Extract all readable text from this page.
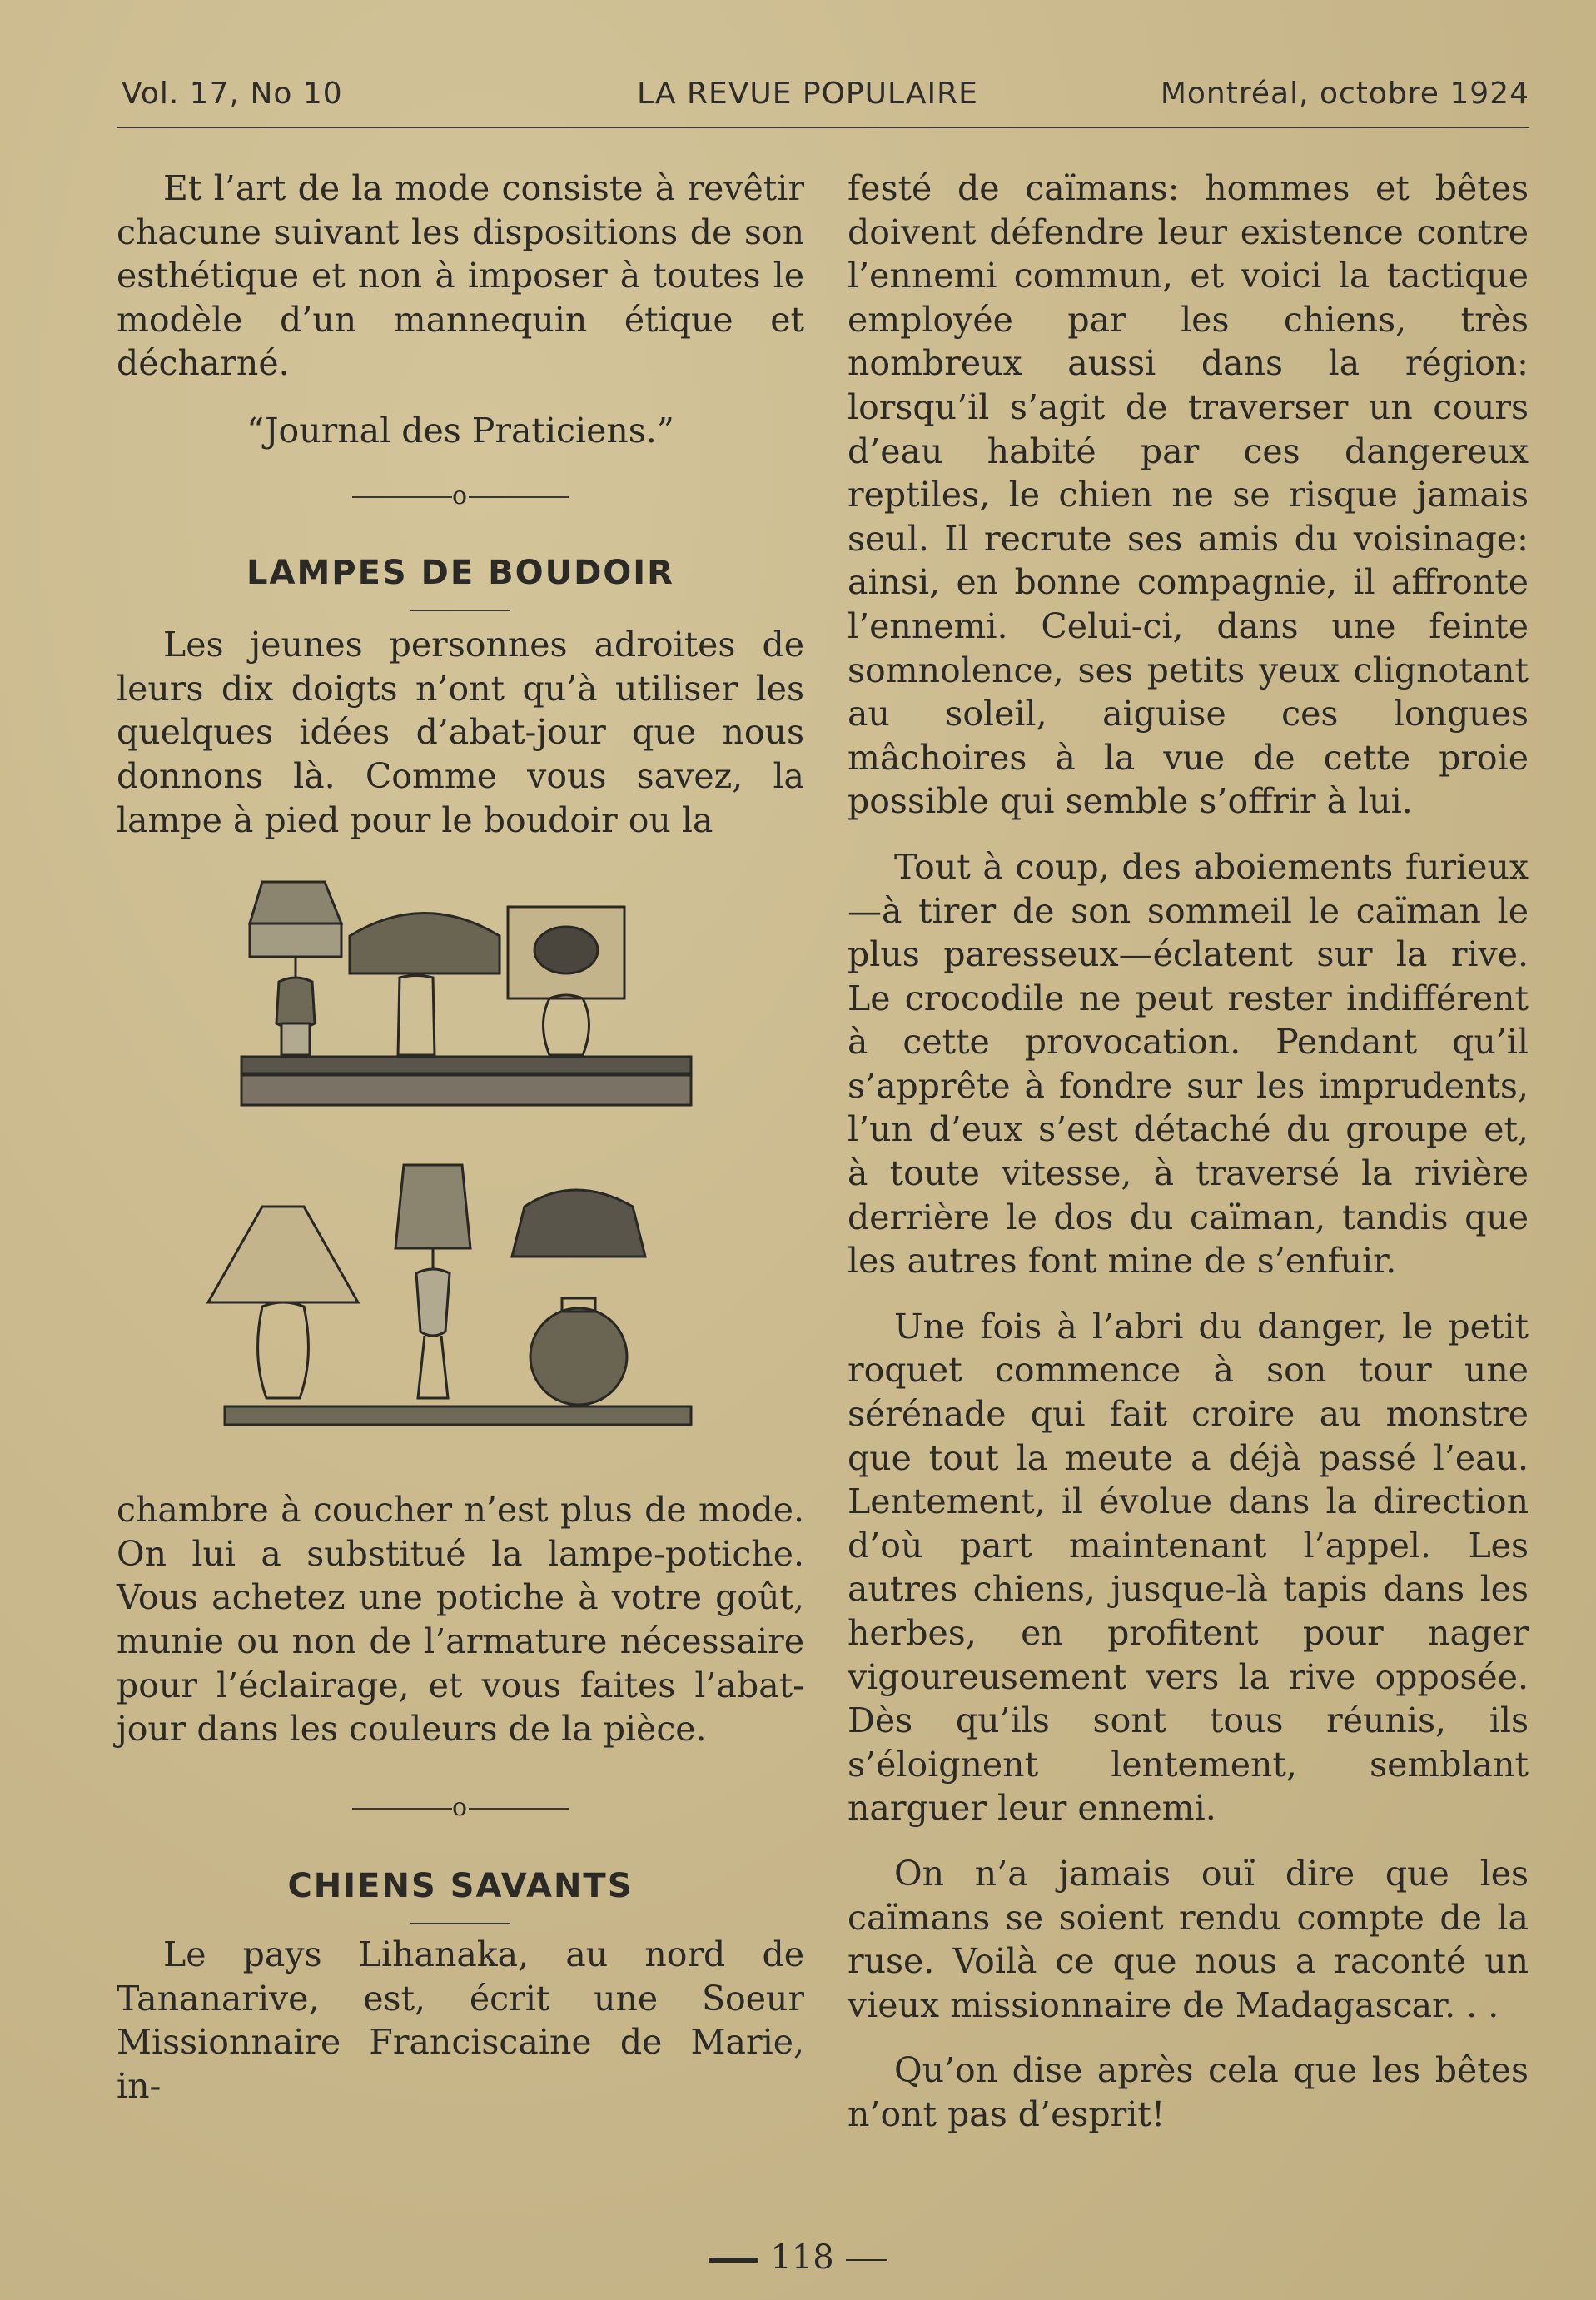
Vol. 17, No 10	LA REVUE POPULAIRE	Montréal, octobre 1924

Et l’art de la mode consiste à revêtir chacune suivant les dispositions de son esthétique et non à imposer à toutes le modèle d’un mannequin étique et décharné.

“Journal des Praticiens.”

o

LAMPES DE BOUDOIR

Les jeunes personnes adroites de leurs dix doigts n’ont qu’à utiliser les quelques idées d’abat-jour que nous donnons là. Comme vous savez, la lampe à pied pour le boudoir ou la

chambre à coucher n’est plus de mode. On lui a substitué la lampe-potiche. Vous achetez une potiche à votre goût, munie ou non de l’armature nécessaire pour l’éclairage, et vous faites l’abat-jour dans les couleurs de la pièce.

o

CHIENS SAVANTS

Le pays Lihanaka, au nord de Tananarive, est, écrit une Soeur Missionnaire Franciscaine de Marie, in-

festé de caïmans: hommes et bêtes doivent défendre leur existence contre l’ennemi commun, et voici la tactique employée par les chiens, très nombreux aussi dans la région: lorsqu’il s’agit de traverser un cours d’eau habité par ces dangereux reptiles, le chien ne se risque jamais seul. Il recrute ses amis du voisinage: ainsi, en bonne compagnie, il affronte l’ennemi. Celui-ci, dans une feinte somnolence, ses petits yeux clignotant au soleil, aiguise ces longues mâchoires à la vue de cette proie possible qui semble s’offrir à lui.

Tout à coup, des aboiements furieux—à tirer de son sommeil le caïman le plus paresseux—éclatent sur la rive. Le crocodile ne peut rester indifférent à cette provocation. Pendant qu’il s’apprête à fondre sur les imprudents, l’un d’eux s’est détaché du groupe et, à toute vitesse, à traversé la rivière derrière le dos du caïman, tandis que les autres font mine de s’enfuir.

Une fois à l’abri du danger, le petit roquet commence à son tour une sérénade qui fait croire au monstre que tout la meute a déjà passé l’eau. Lentement, il évolue dans la direction d’où part maintenant l’appel. Les autres chiens, jusque-là tapis dans les herbes, en profitent pour nager vigoureusement vers la rive opposée. Dès qu’ils sont tous réunis, ils s’éloignent lentement, semblant narguer leur ennemi.

On n’a jamais ouï dire que les caïmans se soient rendu compte de la ruse. Voilà ce que nous a raconté un vieux missionnaire de Madagascar. . .

Qu’on dise après cela que les bêtes n’ont pas d’esprit!

118
